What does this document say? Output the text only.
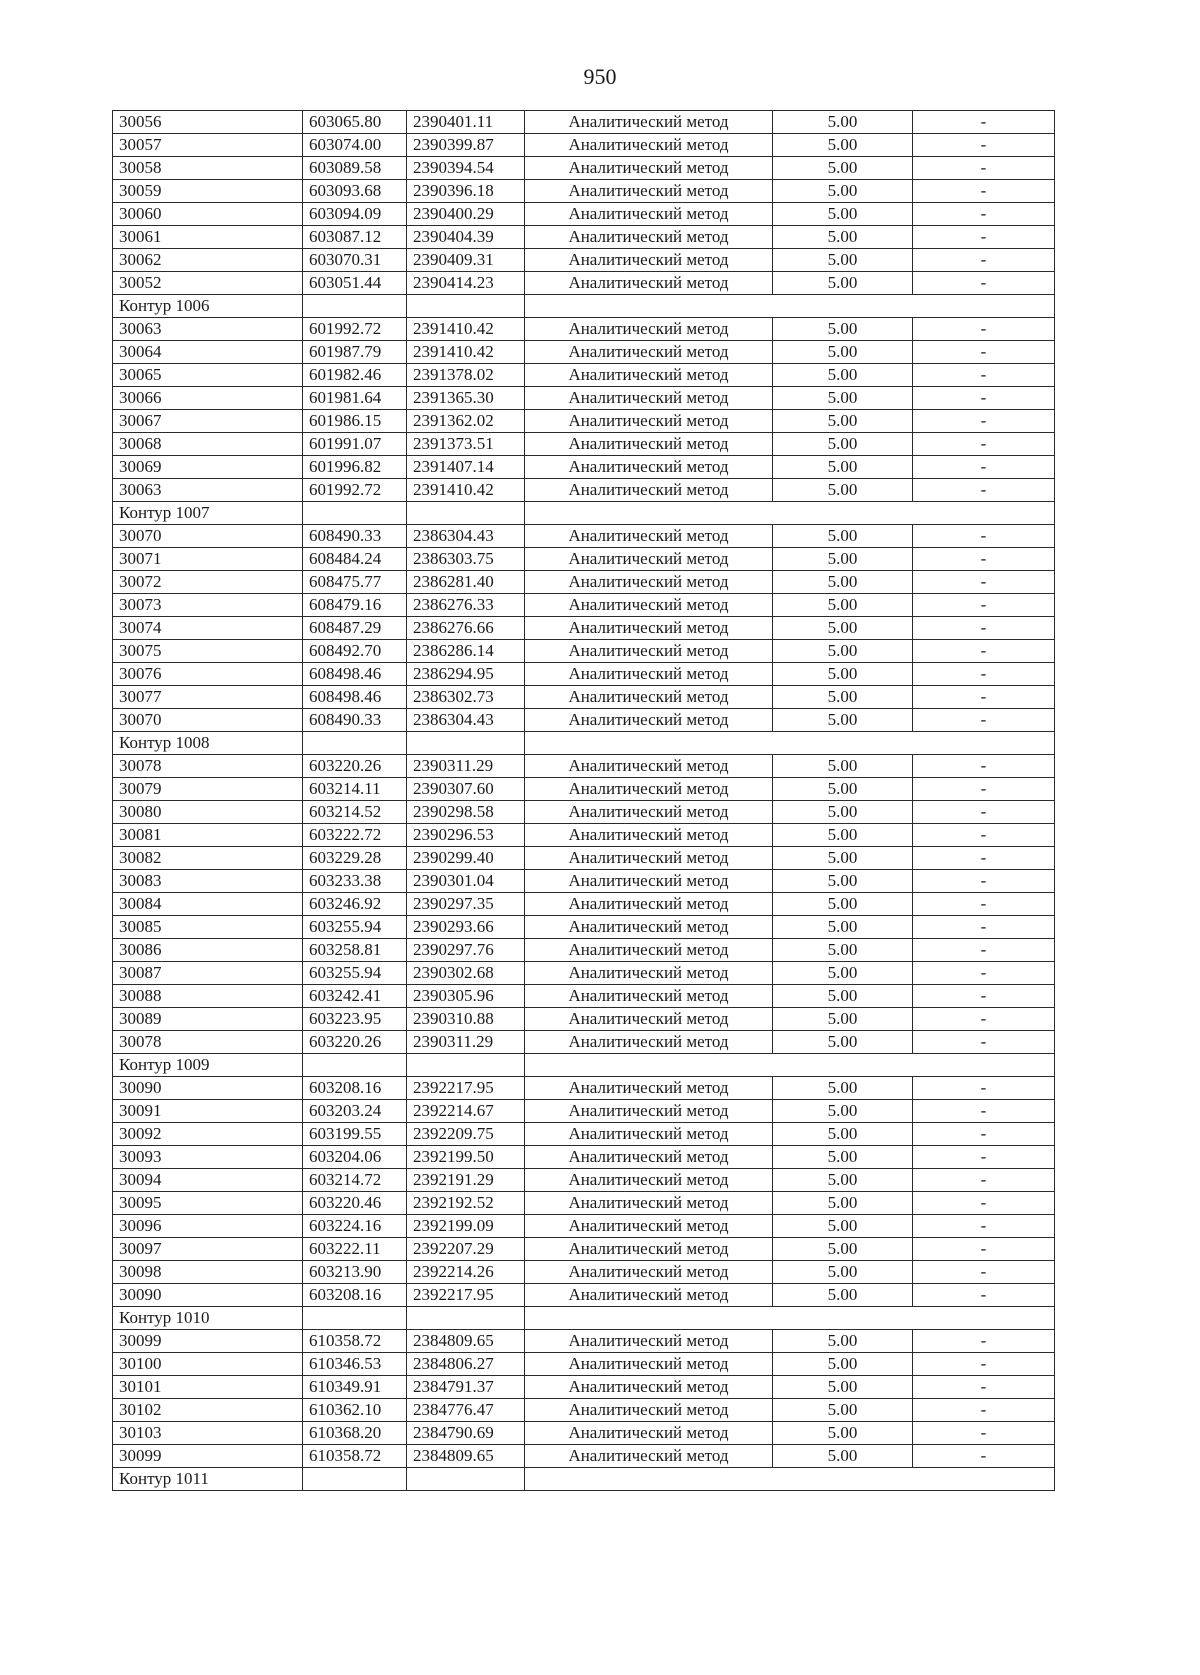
950
30056	603065.80	2390401.11	Аналитический метод	5.00	-
30057	603074.00	2390399.87	Аналитический метод	5.00	-
30058	603089.58	2390394.54	Аналитический метод	5.00	-
30059	603093.68	2390396.18	Аналитический метод	5.00	-
30060	603094.09	2390400.29	Аналитический метод	5.00	-
30061	603087.12	2390404.39	Аналитический метод	5.00	-
30062	603070.31	2390409.31	Аналитический метод	5.00	-
30052	603051.44	2390414.23	Аналитический метод	5.00	-
Контур 1006					
30063	601992.72	2391410.42	Аналитический метод	5.00	-
30064	601987.79	2391410.42	Аналитический метод	5.00	-
30065	601982.46	2391378.02	Аналитический метод	5.00	-
30066	601981.64	2391365.30	Аналитический метод	5.00	-
30067	601986.15	2391362.02	Аналитический метод	5.00	-
30068	601991.07	2391373.51	Аналитический метод	5.00	-
30069	601996.82	2391407.14	Аналитический метод	5.00	-
30063	601992.72	2391410.42	Аналитический метод	5.00	-
Контур 1007					
30070	608490.33	2386304.43	Аналитический метод	5.00	-
30071	608484.24	2386303.75	Аналитический метод	5.00	-
30072	608475.77	2386281.40	Аналитический метод	5.00	-
30073	608479.16	2386276.33	Аналитический метод	5.00	-
30074	608487.29	2386276.66	Аналитический метод	5.00	-
30075	608492.70	2386286.14	Аналитический метод	5.00	-
30076	608498.46	2386294.95	Аналитический метод	5.00	-
30077	608498.46	2386302.73	Аналитический метод	5.00	-
30070	608490.33	2386304.43	Аналитический метод	5.00	-
Контур 1008					
30078	603220.26	2390311.29	Аналитический метод	5.00	-
30079	603214.11	2390307.60	Аналитический метод	5.00	-
30080	603214.52	2390298.58	Аналитический метод	5.00	-
30081	603222.72	2390296.53	Аналитический метод	5.00	-
30082	603229.28	2390299.40	Аналитический метод	5.00	-
30083	603233.38	2390301.04	Аналитический метод	5.00	-
30084	603246.92	2390297.35	Аналитический метод	5.00	-
30085	603255.94	2390293.66	Аналитический метод	5.00	-
30086	603258.81	2390297.76	Аналитический метод	5.00	-
30087	603255.94	2390302.68	Аналитический метод	5.00	-
30088	603242.41	2390305.96	Аналитический метод	5.00	-
30089	603223.95	2390310.88	Аналитический метод	5.00	-
30078	603220.26	2390311.29	Аналитический метод	5.00	-
Контур 1009					
30090	603208.16	2392217.95	Аналитический метод	5.00	-
30091	603203.24	2392214.67	Аналитический метод	5.00	-
30092	603199.55	2392209.75	Аналитический метод	5.00	-
30093	603204.06	2392199.50	Аналитический метод	5.00	-
30094	603214.72	2392191.29	Аналитический метод	5.00	-
30095	603220.46	2392192.52	Аналитический метод	5.00	-
30096	603224.16	2392199.09	Аналитический метод	5.00	-
30097	603222.11	2392207.29	Аналитический метод	5.00	-
30098	603213.90	2392214.26	Аналитический метод	5.00	-
30090	603208.16	2392217.95	Аналитический метод	5.00	-
Контур 1010					
30099	610358.72	2384809.65	Аналитический метод	5.00	-
30100	610346.53	2384806.27	Аналитический метод	5.00	-
30101	610349.91	2384791.37	Аналитический метод	5.00	-
30102	610362.10	2384776.47	Аналитический метод	5.00	-
30103	610368.20	2384790.69	Аналитический метод	5.00	-
30099	610358.72	2384809.65	Аналитический метод	5.00	-
Контур 1011					
